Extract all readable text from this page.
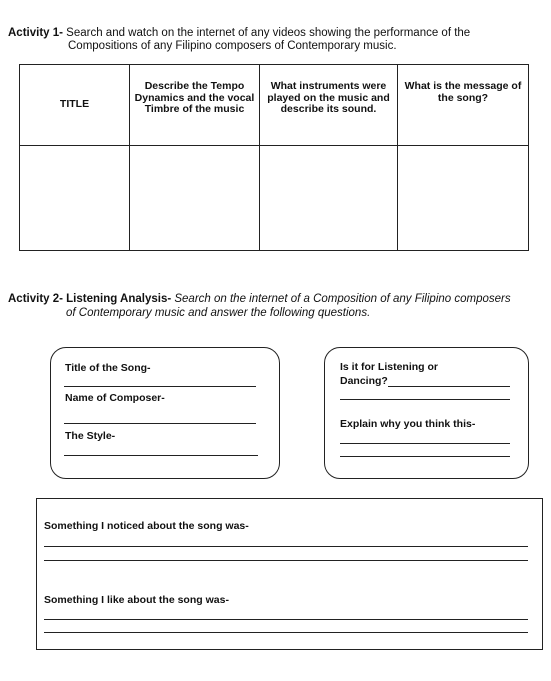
Activity 1- Search and watch on the internet of any videos showing the performance of the
Compositions of any Filipino composers of Contemporary music.
TITLE	Describe the Tempo Dynamics and the vocal Timbre of the music	What instruments were played on the music and describe its sound.	What is the message of the song?

Activity 2- Listening Analysis- Search on the internet of a Composition of any Filipino composers
of Contemporary music and answer the following questions.
Title of the Song-
Name of Composer-
The Style-
Is it for Listening or
Dancing?
Explain why you think this-
Something I noticed about the song was-
Something I like about the song was-
